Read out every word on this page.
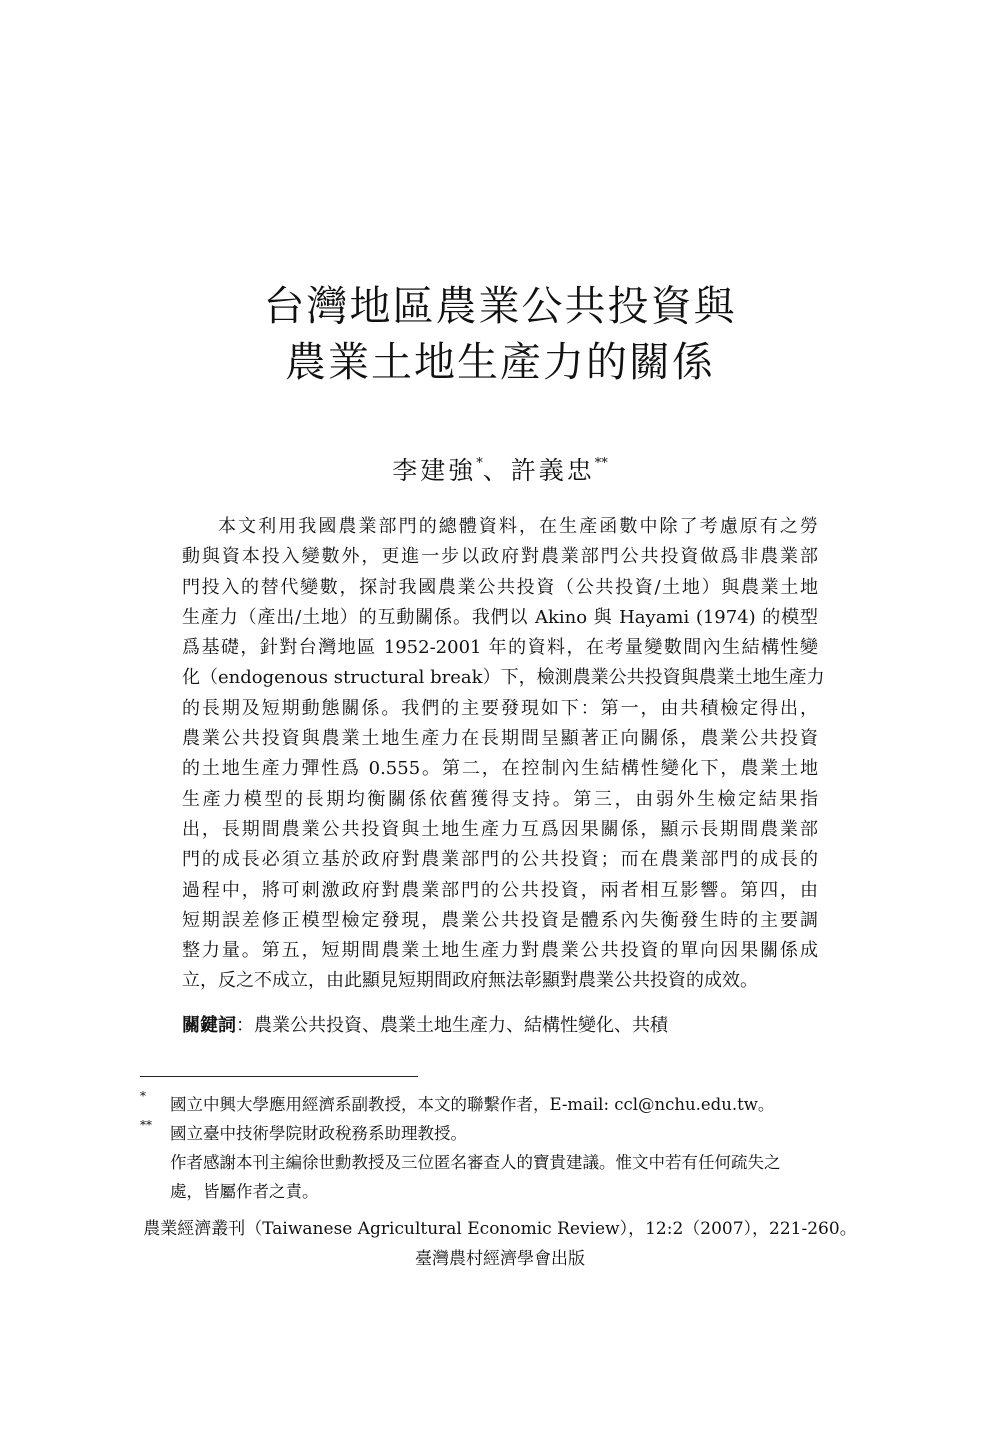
台灣地區農業公共投資與
農業土地生產力的關係
李建強*、許義忠**
本文利用我國農業部門的總體資料，在生產函數中除了考慮原有之勞
動與資本投入變數外，更進一步以政府對農業部門公共投資做爲非農業部
門投入的替代變數，探討我國農業公共投資（公共投資/土地）與農業土地
生產力（產出/土地）的互動關係。我們以 Akino 與 Hayami (1974) 的模型
爲基礎，針對台灣地區 1952-2001 年的資料，在考量變數間內生結構性變
化（endogenous structural break）下，檢測農業公共投資與農業土地生產力
的長期及短期動態關係。我們的主要發現如下：第一，由共積檢定得出，
農業公共投資與農業土地生產力在長期間呈顯著正向關係，農業公共投資
的土地生產力彈性爲 0.555。第二，在控制內生結構性變化下，農業土地
生產力模型的長期均衡關係依舊獲得支持。第三，由弱外生檢定結果指
出，長期間農業公共投資與土地生產力互爲因果關係，顯示長期間農業部
門的成長必須立基於政府對農業部門的公共投資；而在農業部門的成長的
過程中，將可刺激政府對農業部門的公共投資，兩者相互影響。第四，由
短期誤差修正模型檢定發現，農業公共投資是體系內失衡發生時的主要調
整力量。第五，短期間農業土地生產力對農業公共投資的單向因果關係成
立，反之不成立，由此顯見短期間政府無法彰顯對農業公共投資的成效。
關鍵詞：農業公共投資、農業土地生產力、結構性變化、共積
* 國立中興大學應用經濟系副教授，本文的聯繫作者，E-mail: ccl@nchu.edu.tw。
** 國立臺中技術學院財政稅務系助理教授。
作者感謝本刊主編徐世勳教授及三位匿名審查人的寶貴建議。惟文中若有任何疏失之
處，皆屬作者之責。
農業經濟叢刊（Taiwanese Agricultural Economic Review），12:2（2007），221-260。
臺灣農村經濟學會出版
